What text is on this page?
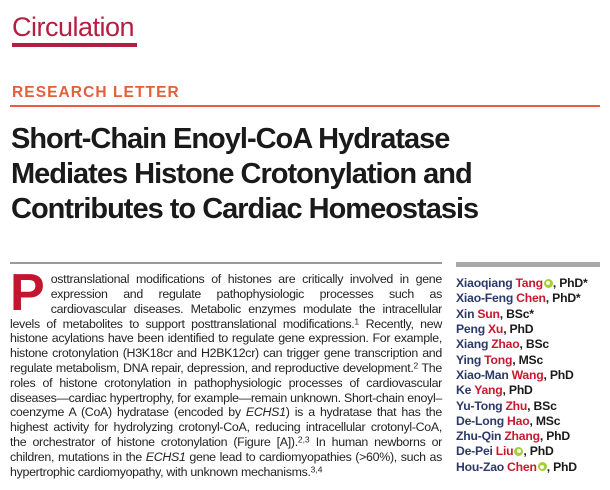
Circulation
RESEARCH LETTER
Short-Chain Enoyl-CoA Hydratase
Mediates Histone Crotonylation and
Contributes to Cardiac Homeostasis

Posttranslational modifications of histones are critically involved in gene expression and regulate pathophysiologic processes such as cardiovascular diseases. Metabolic enzymes modulate the intracellular levels of metabolites to support posttranslational modifications.$^1$ Recently, new histone acylations have been identified to regulate gene expression. For example, histone crotonylation (H3K18cr and H2BK12cr) can trigger gene transcription and regulate metabolism, DNA repair, depression, and reproductive development.$^2$ The roles of histone crotonylation in pathophysiologic processes of cardiovascular diseases—cardiac hypertrophy, for example—remain unknown. Short-chain enoyl–coenzyme A (CoA) hydratase (encoded by ECHS1) is a hydratase that has the highest activity for hydrolyzing crotonyl-CoA, reducing intracellular crotonyl-CoA, the orchestrator of histone crotonylation (Figure [A]).$^{2,3}$ In human newborns or children, mutations in the ECHS1 gene lead to cardiomyopathies (>60%), such as hypertrophic cardiomyopathy, with unknown mechanisms.$^{3,4}$

Xiaoqiang Tang , PhD*
Xiao-Feng Chen, PhD*
Xin Sun, BSc*
Peng Xu, PhD
Xiang Zhao, BSc
Ying Tong, MSc
Xiao-Man Wang, PhD
Ke Yang, PhD
Yu-Tong Zhu, BSc
De-Long Hao, MSc
Zhu-Qin Zhang, PhD
De-Pei Liu , PhD
Hou-Zao Chen , PhD
